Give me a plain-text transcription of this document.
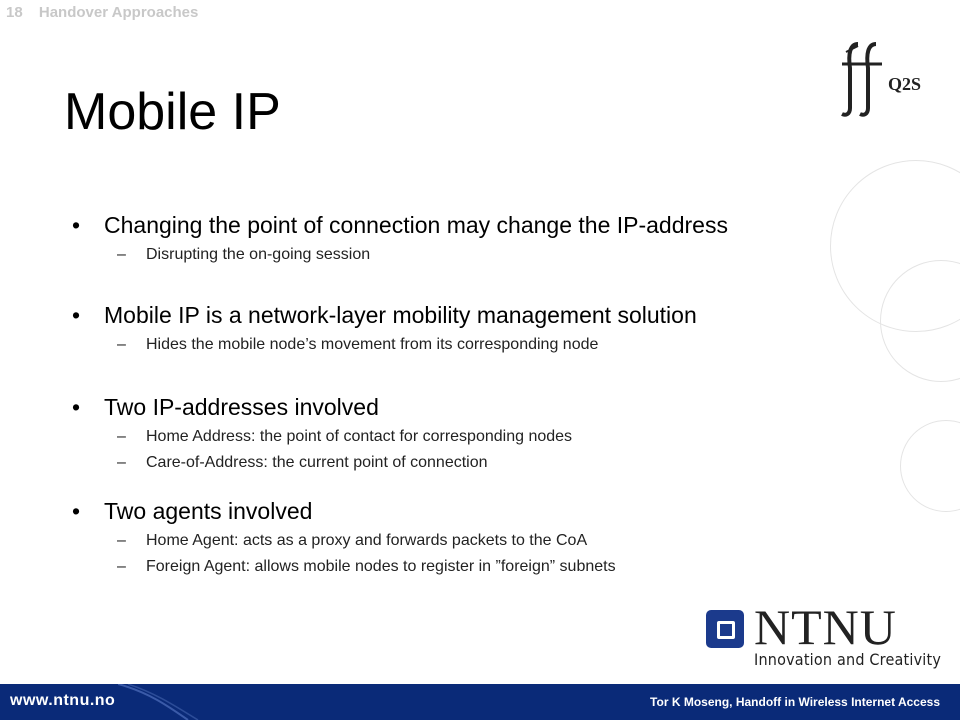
18 Handover Approaches
Q2S
Mobile IP
• Changing the point of connection may change the IP-address
– Disrupting the on-going session
• Mobile IP is a network-layer mobility management solution
– Hides the mobile node’s movement from its corresponding node
• Two IP-addresses involved
– Home Address: the point of contact for corresponding nodes
– Care-of-Address: the current point of connection
• Two agents involved
– Home Agent: acts as a proxy and forwards packets to the CoA
– Foreign Agent: allows mobile nodes to register in ”foreign” subnets
NTNU
Innovation and Creativity
www.ntnu.no	Tor K Moseng, Handoff in Wireless Internet Access
